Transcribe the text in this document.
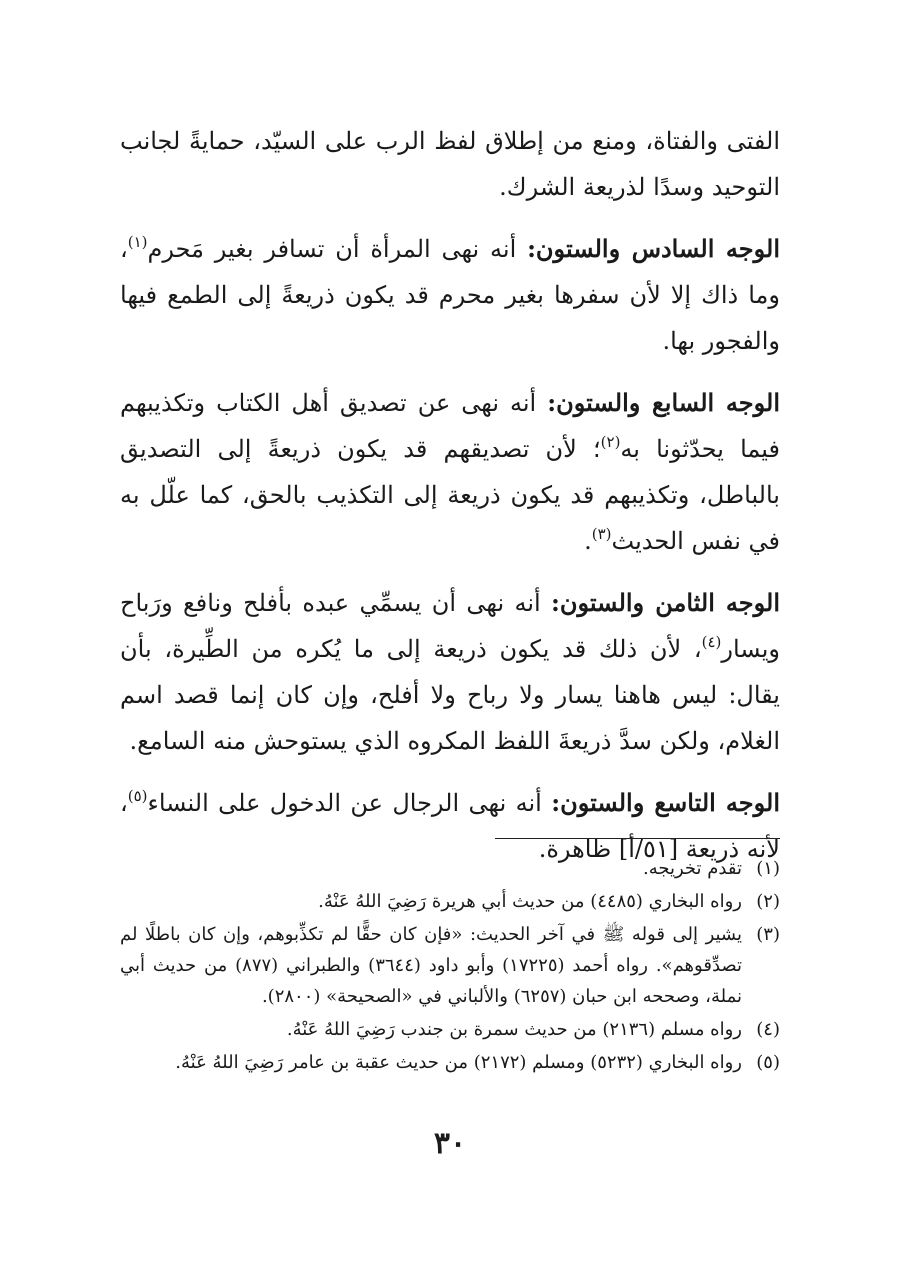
الفتى والفتاة، ومنع من إطلاق لفظ الرب على السيّد، حمايةً لجانب التوحيد وسدًا لذريعة الشرك.

الوجه السادس والستون: أنه نهى المرأة أن تسافر بغير مَحرم$^{(١)}$، وما ذاك إلا لأن سفرها بغير محرم قد يكون ذريعةً إلى الطمع فيها والفجور بها.

الوجه السابع والستون: أنه نهى عن تصديق أهل الكتاب وتكذيبهم فيما يحدّثونا به$^{(٢)}$؛ لأن تصديقهم قد يكون ذريعةً إلى التصديق بالباطل، وتكذيبهم قد يكون ذريعة إلى التكذيب بالحق، كما علّل به في نفس الحديث$^{(٣)}$.

الوجه الثامن والستون: أنه نهى أن يسمِّي عبده بأفلح ونافع ورَباح ويسار$^{(٤)}$، لأن ذلك قد يكون ذريعة إلى ما يُكره من الطِّيرة، بأن يقال: ليس هاهنا يسار ولا رباح ولا أفلح، وإن كان إنما قصد اسم الغلام، ولكن سدَّ ذريعةَ اللفظ المكروه الذي يستوحش منه السامع.

الوجه التاسع والستون: أنه نهى الرجال عن الدخول على النساء$^{(٥)}$، لأنه ذريعة [٥١/أ] ظاهرة.

(١)
تقدم تخريجه.
(٢)
رواه البخاري (٤٤٨٥) من حديث أبي هريرة رَضِيَ اللهُ عَنْهُ.
(٣)
يشير إلى قوله ﷺ في آخر الحديث: «فإن كان حقًّا لم تكذِّبوهم، وإن كان باطلًا لم تصدِّقوهم». رواه أحمد (١٧٢٢٥) وأبو داود (٣٦٤٤) والطبراني (٨٧٧) من حديث أبي نملة، وصححه ابن حبان (٦٢٥٧) والألباني في «الصحيحة» (٢٨٠٠).
(٤)
رواه مسلم (٢١٣٦) من حديث سمرة بن جندب رَضِيَ اللهُ عَنْهُ.
(٥)
رواه البخاري (٥٢٣٢) ومسلم (٢١٧٢) من حديث عقبة بن عامر رَضِيَ اللهُ عَنْهُ.
٣٠
